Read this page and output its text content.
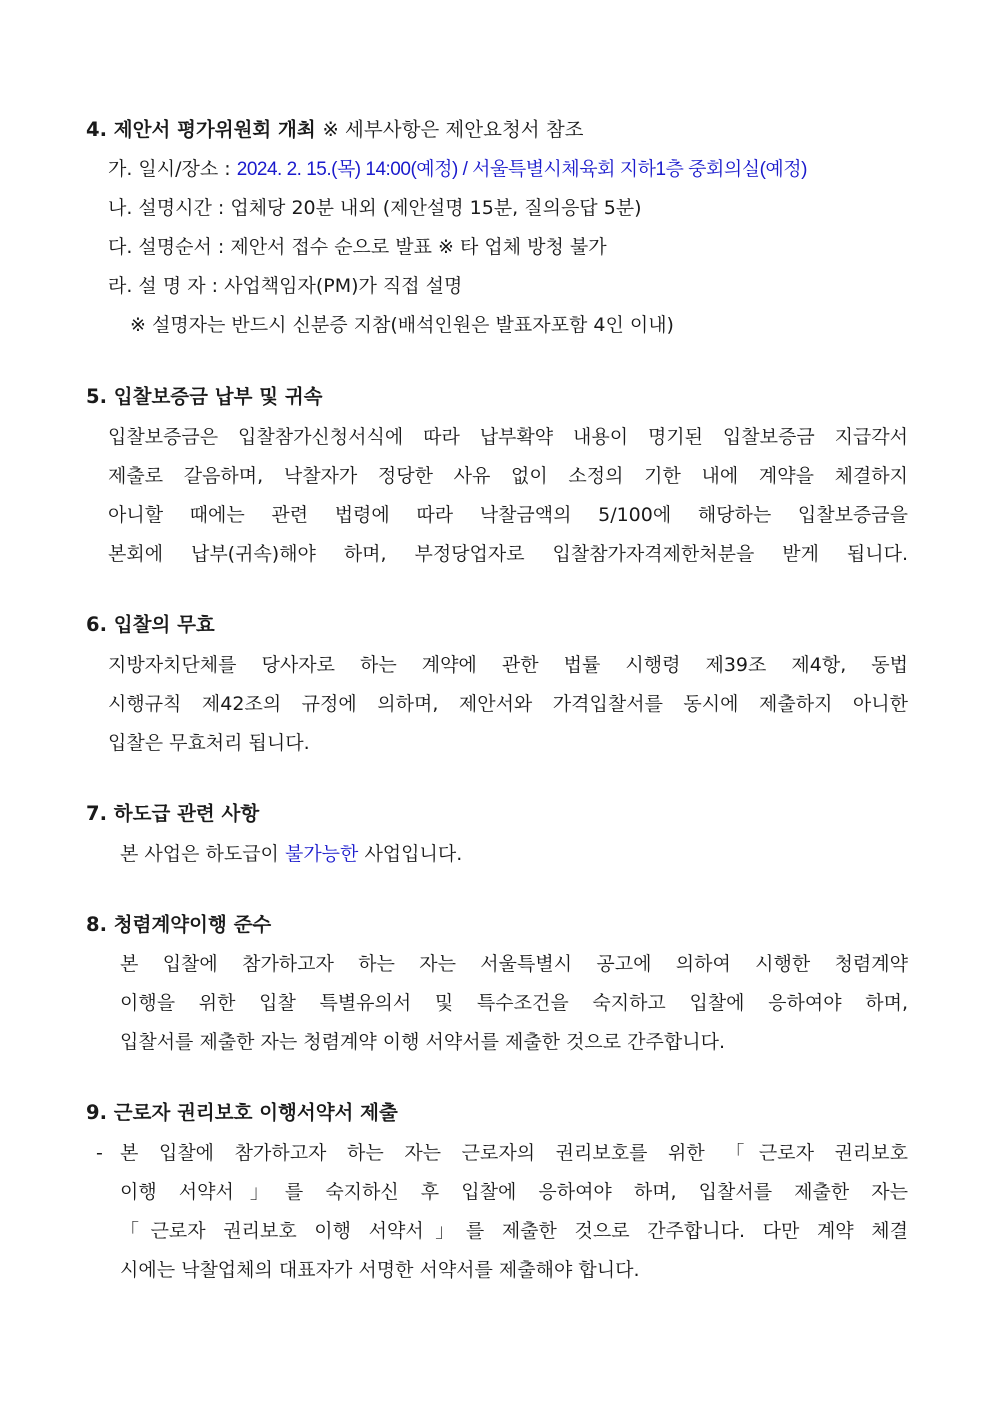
4. 제안서 평가위원회 개최 ※ 세부사항은 제안요청서 참조
가. 일시/장소 : 2024. 2. 15.(목) 14:00(예정) / 서울특별시체육회 지하1층 중회의실(예정)
나. 설명시간 : 업체당 20분 내외 (제안설명 15분, 질의응답 5분)
다. 설명순서 : 제안서 접수 순으로 발표 ※ 타 업체 방청 불가
라. 설 명 자 : 사업책임자(PM)가 직접 설명
※ 설명자는 반드시 신분증 지참(배석인원은 발표자포함 4인 이내)
5. 입찰보증금 납부 및 귀속
입찰보증금은 입찰참가신청서식에 따라 납부확약 내용이 명기된 입찰보증금 지급각서
제출로 갈음하며, 낙찰자가 정당한 사유 없이 소정의 기한 내에 계약을 체결하지
아니할 때에는 관련 법령에 따라 낙찰금액의 5/100에 해당하는 입찰보증금을
본회에 납부(귀속)해야 하며, 부정당업자로 입찰참가자격제한처분을 받게 됩니다.
6. 입찰의 무효
지방자치단체를 당사자로 하는 계약에 관한 법률 시행령 제39조 제4항, 동법
시행규칙 제42조의 규정에 의하며, 제안서와 가격입찰서를 동시에 제출하지 아니한
입찰은 무효처리 됩니다.
7. 하도급 관련 사항
본 사업은 하도급이 불가능한 사업입니다.
8. 청렴계약이행 준수
본 입찰에 참가하고자 하는 자는 서울특별시 공고에 의하여 시행한 청렴계약
이행을 위한 입찰 특별유의서 및 특수조건을 숙지하고 입찰에 응하여야 하며,
입찰서를 제출한 자는 청렴계약 이행 서약서를 제출한 것으로 간주합니다.
9. 근로자 권리보호 이행서약서 제출
- 본 입찰에 참가하고자 하는 자는 근로자의 권리보호를 위한 「근로자 권리보호
이행 서약서」를 숙지하신 후 입찰에 응하여야 하며, 입찰서를 제출한 자는
「근로자 권리보호 이행 서약서」를 제출한 것으로 간주합니다. 다만 계약 체결
시에는 낙찰업체의 대표자가 서명한 서약서를 제출해야 합니다.
